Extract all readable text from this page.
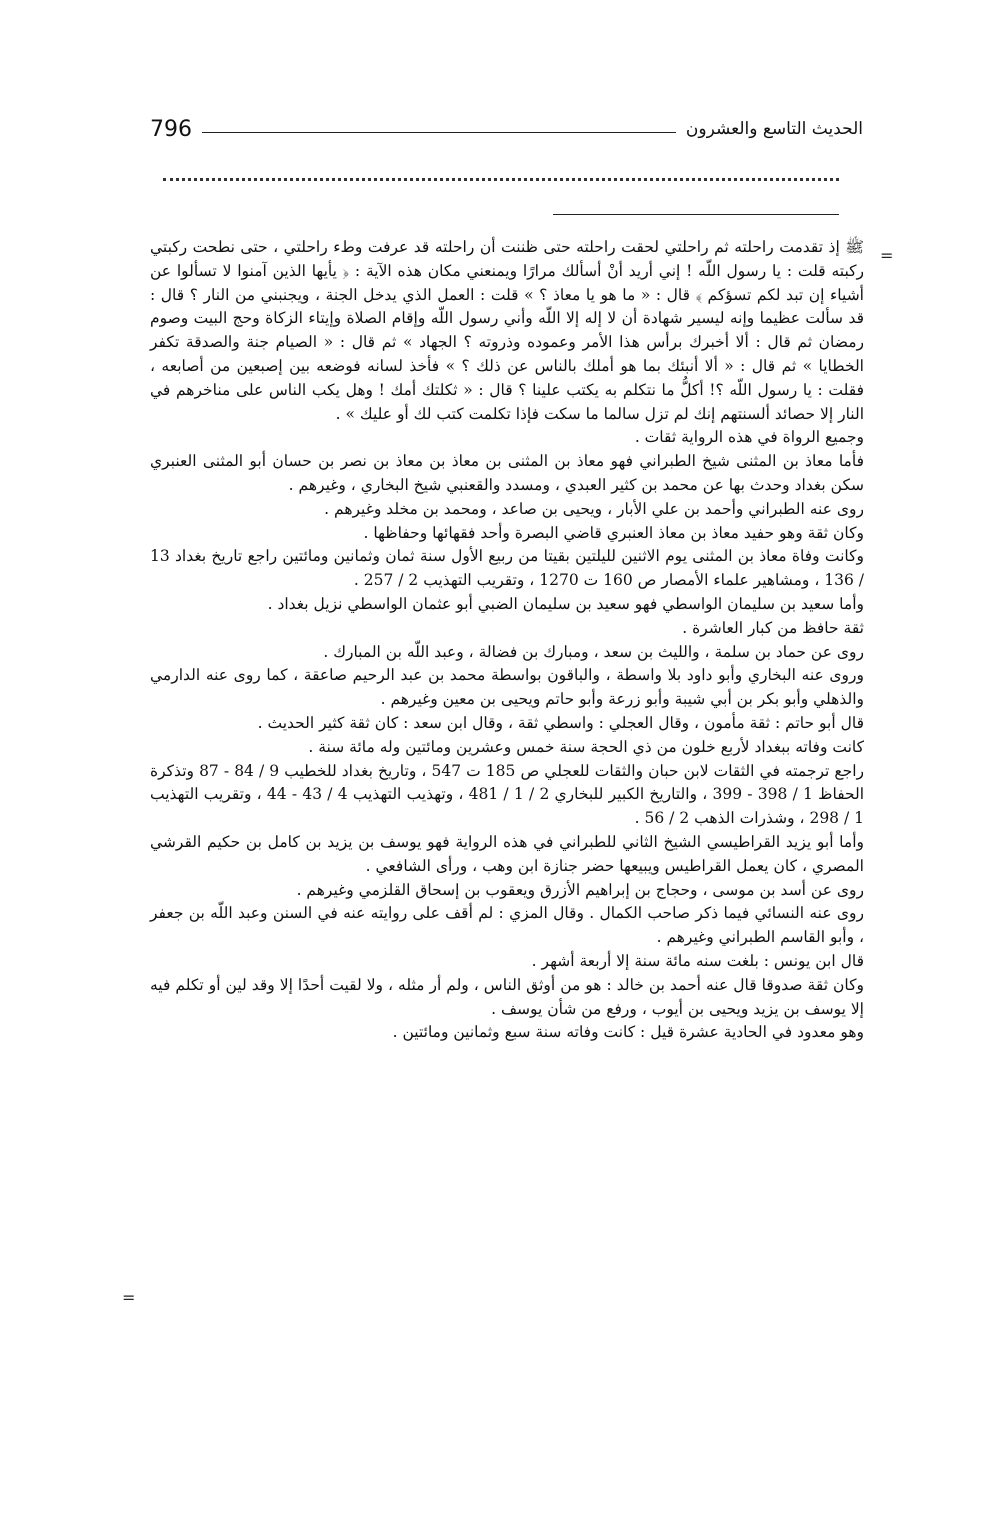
796	الحديث التاسع والعشرون
=
=

ﷺ إذ تقدمت راحلته ثم راحلتي لحقت راحلته حتى ظننت أن راحلته قد عرفت وطء راحلتي ، حتى نطحت ركبتي ركبته قلت : يا رسول اللّه ! إني أريد أنْ أسألك مرارًا ويمنعني مكان هذه الآية : ﴿ يأيها الذين آمنوا لا تسألوا عن أشياء إن تبد لكم تسؤكم ﴾ قال : « ما هو يا معاذ ؟ » قلت : العمل الذي يدخل الجنة ، ويجنبني من النار ؟ قال : قد سألت عظيما وإنه ليسير شهادة أن لا إله إلا اللّه وأني رسول اللّه وإقام الصلاة وإيتاء الزكاة وحج البيت وصوم رمضان ثم قال : ألا أخبرك برأس هذا الأمر وعموده وذروته ؟ الجهاد » ثم قال : « الصيام جنة والصدقة تكفر الخطايا » ثم قال : « ألا أنبئك بما هو أملك بالناس عن ذلك ؟ » فأخذ لسانه فوضعه بين إصبعين من أصابعه ، فقلت : يا رسول اللّه ؟! أكلُّ ما نتكلم به يكتب علينا ؟ قال : « ثكلتك أمك ! وهل يكب الناس على مناخرهم في النار إلا حصائد ألسنتهم إنك لم تزل سالما ما سكت فإذا تكلمت كتب لك أو عليك » .

وجميع الرواة في هذه الرواية ثقات .

فأما معاذ بن المثنى شيخ الطبراني فهو معاذ بن المثنى بن معاذ بن معاذ بن نصر بن حسان أبو المثنى العنبري سكن بغداد وحدث بها عن محمد بن كثير العبدي ، ومسدد والقعنبي شيخ البخاري ، وغيرهم .

روى عنه الطبراني وأحمد بن علي الأبار ، ويحيى بن صاعد ، ومحمد بن مخلد وغيرهم .

وكان ثقة وهو حفيد معاذ بن معاذ العنبري قاضي البصرة وأحد فقهائها وحفاظها .

وكانت وفاة معاذ بن المثنى يوم الاثنين لليلتين بقيتا من ربيع الأول سنة ثمان وثمانين ومائتين راجع تاريخ بغداد 13 / 136 ، ومشاهير علماء الأمصار ص 160 ت 1270 ، وتقريب التهذيب 2 / 257 .

وأما سعيد بن سليمان الواسطي فهو سعيد بن سليمان الضبي أبو عثمان الواسطي نزيل بغداد .

ثقة حافظ من كبار العاشرة .

روى عن حماد بن سلمة ، والليث بن سعد ، ومبارك بن فضالة ، وعبد اللّه بن المبارك .

وروى عنه البخاري وأبو داود بلا واسطة ، والباقون بواسطة محمد بن عبد الرحيم صاعقة ، كما روى عنه الدارمي والذهلي وأبو بكر بن أبي شيبة وأبو زرعة وأبو حاتم ويحيى بن معين وغيرهم .

قال أبو حاتم : ثقة مأمون ، وقال العجلي : واسطي ثقة ، وقال ابن سعد : كان ثقة كثير الحديث .

كانت وفاته ببغداد لأربع خلون من ذي الحجة سنة خمس وعشرين ومائتين وله مائة سنة .

راجع ترجمته في الثقات لابن حبان والثقات للعجلي ص 185 ت 547 ، وتاريخ بغداد للخطيب 9 / 84 - 87 وتذكرة الحفاظ 1 / 398 - 399 ، والتاريخ الكبير للبخاري 2 / 1 / 481 ، وتهذيب التهذيب 4 / 43 - 44 ، وتقريب التهذيب 1 / 298 ، وشذرات الذهب 2 / 56 .

وأما أبو يزيد القراطيسي الشيخ الثاني للطبراني في هذه الرواية فهو يوسف بن يزيد بن كامل بن حكيم القرشي المصري ، كان يعمل القراطيس ويبيعها حضر جنازة ابن وهب ، ورأى الشافعي .

روى عن أسد بن موسى ، وحجاج بن إبراهيم الأزرق ويعقوب بن إسحاق القلزمي وغيرهم .

روى عنه النسائي فيما ذكر صاحب الكمال . وقال المزي : لم أقف على روايته عنه في السنن وعبد اللّه بن جعفر ، وأبو القاسم الطبراني وغيرهم .

قال ابن يونس : بلغت سنه مائة سنة إلا أربعة أشهر .

وكان ثقة صدوقا قال عنه أحمد بن خالد : هو من أوثق الناس ، ولم أر مثله ، ولا لقيت أحدًا إلا وقد لين أو تكلم فيه إلا يوسف بن يزيد ويحيى بن أيوب ، ورفع من شأن يوسف .

وهو معدود في الحادية عشرة قيل : كانت وفاته سنة سبع وثمانين ومائتين .
